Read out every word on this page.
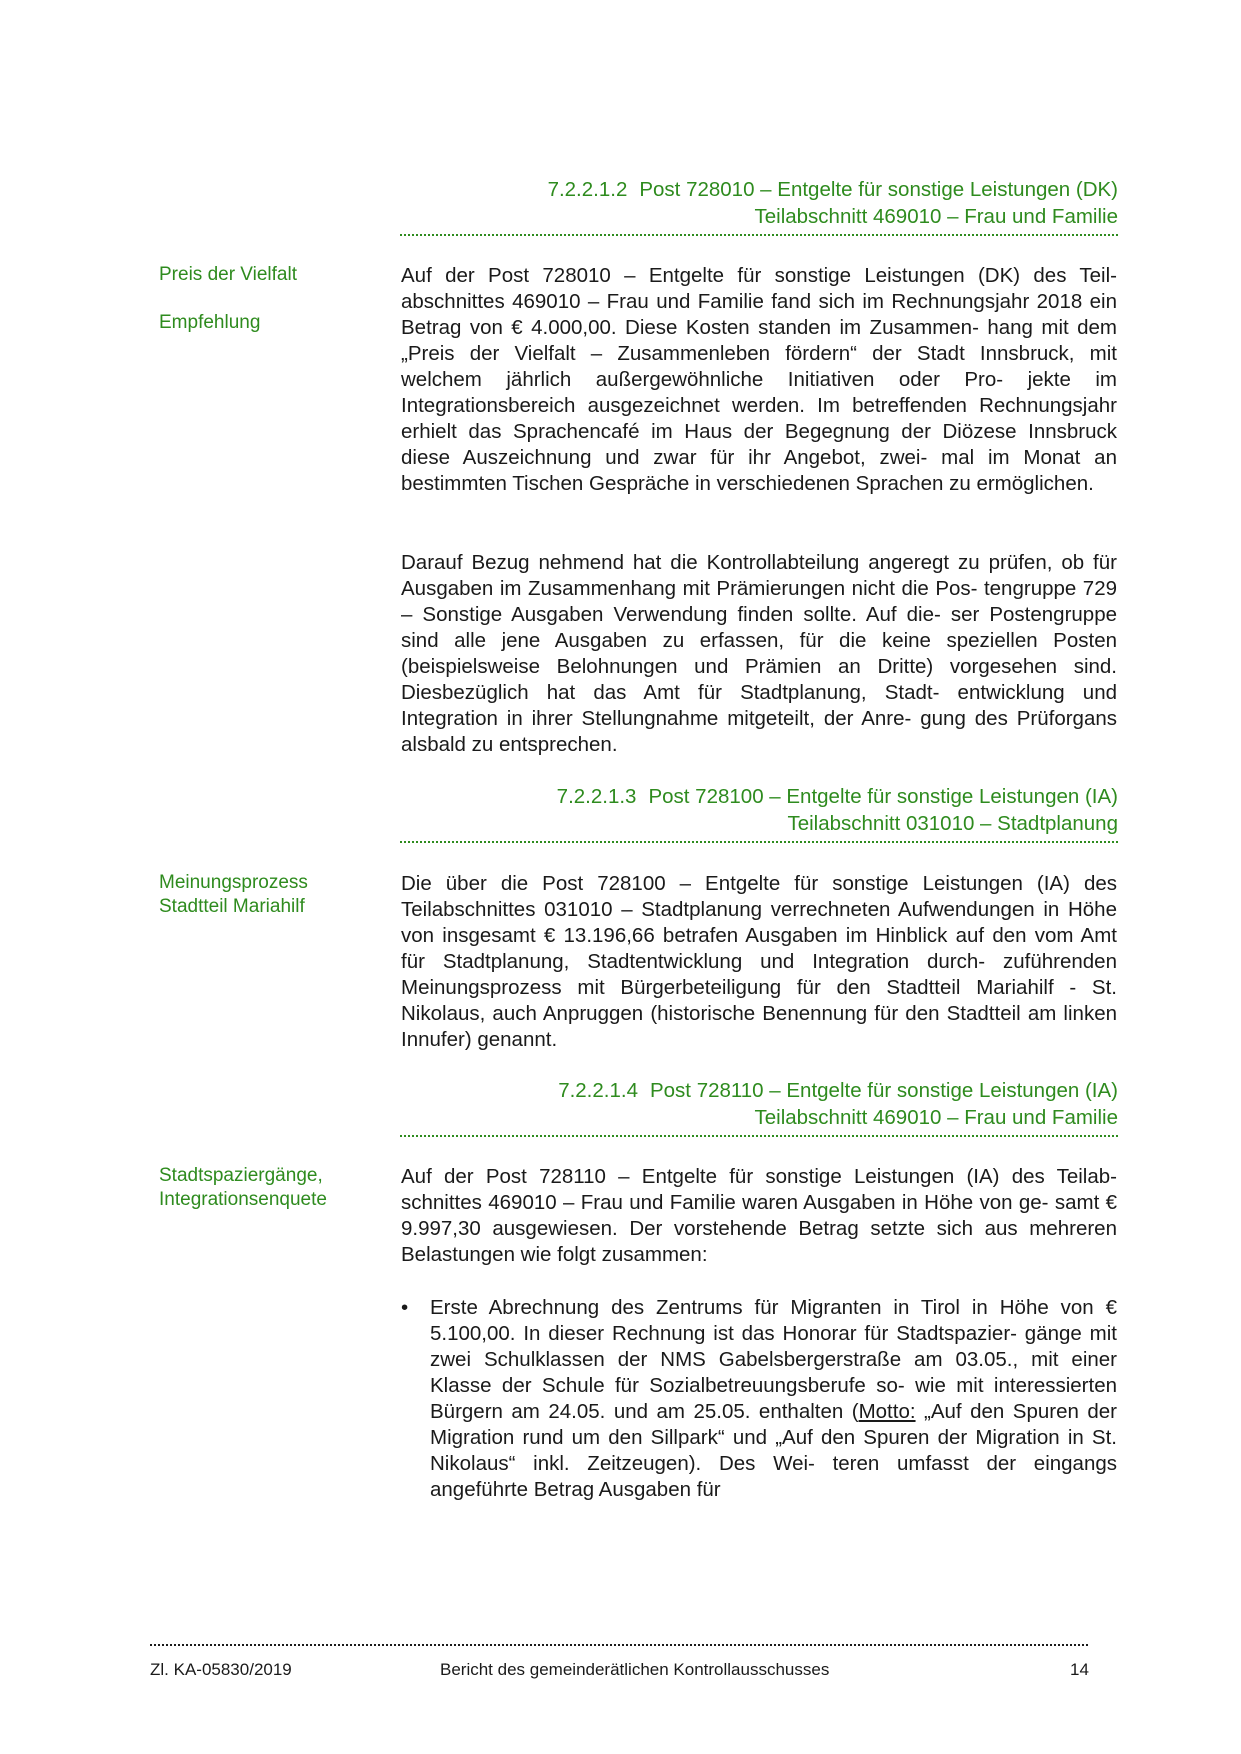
7.2.2.1.2 Post 728010 – Entgelte für sonstige Leistungen (DK)
Teilabschnitt 469010 – Frau und Familie
Preis der Vielfalt
Empfehlung

Auf der Post 728010 – Entgelte für sonstige Leistungen (DK) des Teil- abschnittes 469010 – Frau und Familie fand sich im Rechnungsjahr 2018 ein Betrag von € 4.000,00. Diese Kosten standen im Zusammen- hang mit dem „Preis der Vielfalt – Zusammenleben fördern“ der Stadt Innsbruck, mit welchem jährlich außergewöhnliche Initiativen oder Pro- jekte im Integrationsbereich ausgezeichnet werden. Im betreffenden Rechnungsjahr erhielt das Sprachencafé im Haus der Begegnung der Diözese Innsbruck diese Auszeichnung und zwar für ihr Angebot, zwei- mal im Monat an bestimmten Tischen Gespräche in verschiedenen Sprachen zu ermöglichen.

Darauf Bezug nehmend hat die Kontrollabteilung angeregt zu prüfen, ob für Ausgaben im Zusammenhang mit Prämierungen nicht die Pos- tengruppe 729 – Sonstige Ausgaben Verwendung finden sollte. Auf die- ser Postengruppe sind alle jene Ausgaben zu erfassen, für die keine speziellen Posten (beispielsweise Belohnungen und Prämien an Dritte) vorgesehen sind. Diesbezüglich hat das Amt für Stadtplanung, Stadt- entwicklung und Integration in ihrer Stellungnahme mitgeteilt, der Anre- gung des Prüforgans alsbald zu entsprechen.

7.2.2.1.3 Post 728100 – Entgelte für sonstige Leistungen (IA)
Teilabschnitt 031010 – Stadtplanung
Meinungsprozess
Stadtteil Mariahilf

Die über die Post 728100 – Entgelte für sonstige Leistungen (IA) des Teilabschnittes 031010 – Stadtplanung verrechneten Aufwendungen in Höhe von insgesamt € 13.196,66 betrafen Ausgaben im Hinblick auf den vom Amt für Stadtplanung, Stadtentwicklung und Integration durch- zuführenden Meinungsprozess mit Bürgerbeteiligung für den Stadtteil Mariahilf - St. Nikolaus, auch Anpruggen (historische Benennung für den Stadtteil am linken Innufer) genannt.

7.2.2.1.4 Post 728110 – Entgelte für sonstige Leistungen (IA)
Teilabschnitt 469010 – Frau und Familie
Stadtspaziergänge,
Integrationsenquete

Auf der Post 728110 – Entgelte für sonstige Leistungen (IA) des Teilab- schnittes 469010 – Frau und Familie waren Ausgaben in Höhe von ge- samt € 9.997,30 ausgewiesen. Der vorstehende Betrag setzte sich aus mehreren Belastungen wie folgt zusammen:

• Erste Abrechnung des Zentrums für Migranten in Tirol in Höhe von € 5.100,00. In dieser Rechnung ist das Honorar für Stadtspazier- gänge mit zwei Schulklassen der NMS Gabelsbergerstraße am 03.05., mit einer Klasse der Schule für Sozialbetreuungsberufe so- wie mit interessierten Bürgern am 24.05. und am 25.05. enthalten (Motto: „Auf den Spuren der Migration rund um den Sillpark“ und „Auf den Spuren der Migration in St. Nikolaus“ inkl. Zeitzeugen). Des Wei- teren umfasst der eingangs angeführte Betrag Ausgaben für
Zl. KA-05830/2019	Bericht des gemeinderätlichen Kontrollausschusses	14
